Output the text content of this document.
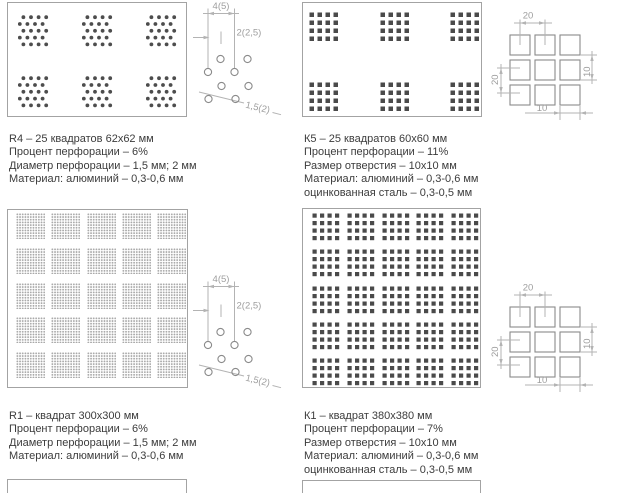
4(5)
2(2,5)
1,5(2)
R4 – 25 квадратов 62x62 мм
Процент перфорации – 6%
Диаметр перфорации – 1,5 мм; 2 мм
Материал: алюминий – 0,3-0,6 мм
20
20
10
10
К5 – 25 квадратов 60x60 мм
Процент перфорации – 11%
Размер отверстия – 10x10 мм
Материал: алюминий – 0,3-0,6 мм
оцинкованная сталь – 0,3-0,5 мм
4(5)
2(2,5)
1,5(2)
R1 – квадрат 300x300 мм
Процент перфорации – 6%
Диаметр перфорации – 1,5 мм; 2 мм
Материал: алюминий – 0,3-0,6 мм
20
20
10
10
К1 – квадрат 380x380 мм
Процент перфорации – 7%
Размер отверстия – 10x10 мм
Материал: алюминий – 0,3-0,6 мм
оцинкованная сталь – 0,3-0,5 мм
